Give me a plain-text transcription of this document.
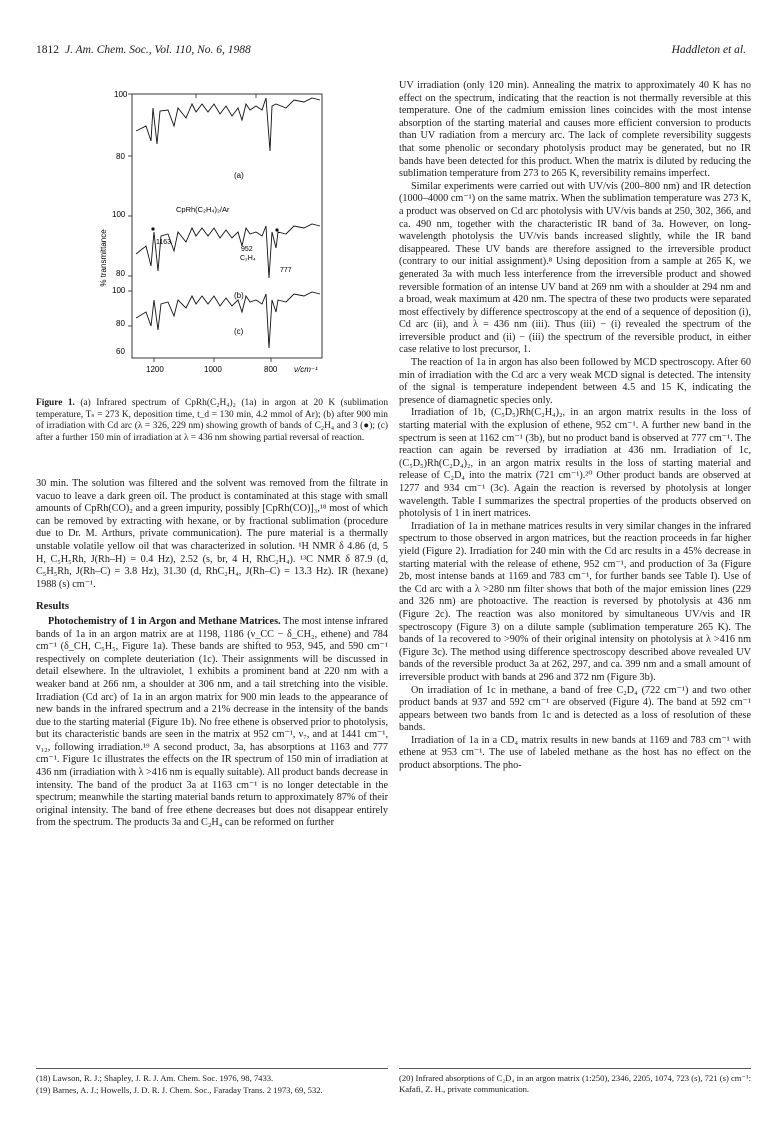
1812 J. Am. Chem. Soc., Vol. 110, No. 6, 1988	Haddleton et al.
100
80
100
80
100
80
60
% transmittance
1200	1000	800 ν/cm⁻¹
(a)
CpRh(C₂H₄)₂/Ar
1163
952
C₂H₄
777
(b)
(c)
Figure 1. (a) Infrared spectrum of CpRh(C₂H₄)₂ (1a) in argon at 20 K (sublimation temperature, Tₛ = 273 K, deposition time, t_d = 130 min, 4.2 mmol of Ar); (b) after 900 min of irradiation with Cd arc (λ = 326, 229 nm) showing growth of bands of C₂H₄ and 3 (●); (c) after a further 150 min of irradiation at λ = 436 nm showing partial reversal of reaction.

30 min. The solution was filtered and the solvent was removed from the filtrate in vacuo to leave a dark green oil. The product is contaminated at this stage with small amounts of CpRh(CO)₂ and a green impurity, possibly [CpRh(CO)]₃,¹⁸ most of which can be removed by extracting with hexane, or by fractional sublimation (procedure due to Dr. M. Arthurs, private communication). The pure material is a thermally unstable volatile yellow oil that was characterized in solution. ¹H NMR δ 4.86 (d, 5 H, C₅H₅Rh, J(Rh–H) = 0.4 Hz), 2.52 (s, br, 4 H, RhC₂H₄). ¹³C NMR δ 87.9 (d, C₅H₅Rh, J(Rh–C) = 3.8 Hz), 31.30 (d, RhC₂H₄, J(Rh–C) = 13.3 Hz). IR (hexane) 1988 (s) cm⁻¹.

Results

Photochemistry of 1 in Argon and Methane Matrices. The most intense infrared bands of 1a in an argon matrix are at 1198, 1186 (ν_CC − δ_CH₂, ethene) and 784 cm⁻¹ (δ_CH, C₅H₅, Figure 1a). These bands are shifted to 953, 945, and 590 cm⁻¹ respectively on complete deuteriation (1c). Their assignments will be discussed in detail elsewhere. In the ultraviolet, 1 exhibits a prominent band at 220 nm with a weaker band at 266 nm, a shoulder at 306 nm, and a tail stretching into the visible. Irradiation (Cd arc) of 1a in an argon matrix for 900 min leads to the appearance of new bands in the infrared spectrum and a 21% decrease in the intensity of the bands due to the starting material (Figure 1b). No free ethene is observed prior to photolysis, but its characteristic bands are seen in the matrix at 952 cm⁻¹, ν₇, and at 1441 cm⁻¹, ν₁₂, following irradiation.¹⁹ A second product, 3a, has absorptions at 1163 and 777 cm⁻¹. Figure 1c illustrates the effects on the IR spectrum of 150 min of irradiation at 436 nm (irradiation with λ >416 nm is equally suitable). All product bands decrease in intensity. The band of the product 3a at 1163 cm⁻¹ is no longer detectable in the spectrum; meanwhile the starting material bands return to approximately 87% of their original intensity. The band of free ethene decreases but does not disappear entirely from the spectrum. The products 3a and C₂H₄ can be reformed on further

UV irradiation (only 120 min). Annealing the matrix to approximately 40 K has no effect on the spectrum, indicating that the reaction is not thermally reversible at this temperature. One of the cadmium emission lines coincides with the most intense absorption of the starting material and causes more efficient conversion to products than UV radiation from a mercury arc. The lack of complete reversibility suggests that some phenolic or secondary photolysis product may be generated, but no IR bands have been detected for this product. When the matrix is diluted by reducing the sublimation temperature from 273 to 265 K, reversibility remains imperfect.

Similar experiments were carried out with UV/vis (200–800 nm) and IR detection (1000–4000 cm⁻¹) on the same matrix. When the sublimation temperature was 273 K, a product was observed on Cd arc photolysis with UV/vis bands at 250, 302, 366, and ca. 490 nm, together with the characteristic IR band of 3a. However, on long-wavelength photolysis the UV/vis bands increased slightly, while the IR band disappeared. These UV bands are therefore assigned to the irreversible product (contrary to our initial assignment).⁸ Using deposition from a sample at 265 K, we generated 3a with much less interference from the irreversible product and showed reversible formation of an intense UV band at 269 nm with a shoulder at 294 nm and a broad, weak maximum at 420 nm. The spectra of these two products were separated most effectively by difference spectroscopy at the end of a sequence of deposition (i), Cd arc (ii), and λ = 436 nm (iii). Thus (iii) − (i) revealed the spectrum of the irreversible product and (ii) − (iii) the spectrum of the reversible product, in either case relative to lost precursor, 1.

The reaction of 1a in argon has also been followed by MCD spectroscopy. After 60 min of irradiation with the Cd arc a very weak MCD signal is detected. The intensity of the signal is temperature independent between 4.5 and 15 K, indicating the presence of diamagnetic species only.

Irradiation of 1b, (C₅D₅)Rh(C₂H₄)₂, in an argon matrix results in the loss of starting material with the explusion of ethene, 952 cm⁻¹. A further new band in the spectrum is seen at 1162 cm⁻¹ (3b), but no product band is observed at 777 cm⁻¹. The reaction can again be reversed by irradiation at 436 nm. Irradiation of 1c, (C₅D₅)Rh(C₂D₄)₂, in an argon matrix results in the loss of starting material and release of C₂D₄ into the matrix (721 cm⁻¹).²⁰ Other product bands are observed at 1277 and 934 cm⁻¹ (3c). Again the reaction is reversed by photolysis at longer wavelength. Table I summarizes the spectral properties of the products observed on photolysis of 1 in inert matrices.

Irradiation of 1a in methane matrices results in very similar changes in the infrared spectrum to those observed in argon matrices, but the reaction proceeds in far higher yield (Figure 2). Irradiation for 240 min with the Cd arc results in a 45% decrease in starting material with the release of ethene, 952 cm⁻¹, and production of 3a (Figure 2b, most intense bands at 1169 and 783 cm⁻¹, for further bands see Table I). Use of the Cd arc with a λ >280 nm filter shows that both of the major emission lines (229 and 326 nm) are photoactive. The reaction is reversed by photolysis at 436 nm (Figure 2c). The reaction was also monitored by simultaneous UV/vis and IR spectroscopy (Figure 3) on a dilute sample (sublimation temperature 265 K). The bands of 1a recovered to >90% of their original intensity on photolysis at λ >416 nm (Figure 3c). The method using difference spectroscopy described above revealed UV bands of the reversible product 3a at 262, 297, and ca. 399 nm and a small amount of irreversible product with bands at 296 and 372 nm (Figure 3b).

On irradiation of 1c in methane, a band of free C₂D₄ (722 cm⁻¹) and two other product bands at 937 and 592 cm⁻¹ are observed (Figure 4). The band at 592 cm⁻¹ appears between two bands from 1c and is detected as a loss of resolution of these bands.

Irradiation of 1a in a CD₄ matrix results in new bands at 1169 and 783 cm⁻¹ with ethene at 953 cm⁻¹. The use of labeled methane as the host has no effect on the product absorptions. The pho-

(18) Lawson, R. J.; Shapley, J. R. J. Am. Chem. Soc. 1976, 98, 7433.

(19) Barnes, A. J.; Howells, J. D. R. J. Chem. Soc., Faraday Trans. 2 1973, 69, 532.

(20) Infrared absorptions of C₂D₄ in an argon matrix (1:250), 2346, 2205, 1074, 723 (s), 721 (s) cm⁻¹: Kafafi, Z. H., private communication.
